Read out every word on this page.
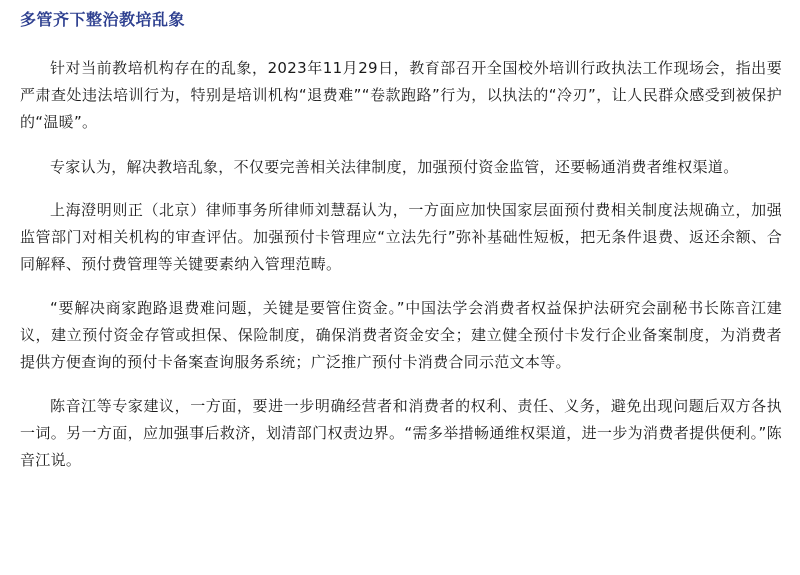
多管齐下整治教培乱象

针对当前教培机构存在的乱象，2023年11月29日，教育部召开全国校外培训行政执法工作现场会，指出要严肃查处违法培训行为，特别是培训机构“退费难”“卷款跑路”行为，以执法的“冷刃”，让人民群众感受到被保护的“温暖”。

专家认为，解决教培乱象，不仅要完善相关法律制度，加强预付资金监管，还要畅通消费者维权渠道。

上海澄明则正（北京）律师事务所律师刘慧磊认为，一方面应加快国家层面预付费相关制度法规确立，加强监管部门对相关机构的审查评估。加强预付卡管理应“立法先行”弥补基础性短板，把无条件退费、返还余额、合同解释、预付费管理等关键要素纳入管理范畴。

“要解决商家跑路退费难问题，关键是要管住资金。”中国法学会消费者权益保护法研究会副秘书长陈音江建议，建立预付资金存管或担保、保险制度，确保消费者资金安全；建立健全预付卡发行企业备案制度，为消费者提供方便查询的预付卡备案查询服务系统；广泛推广预付卡消费合同示范文本等。

陈音江等专家建议，一方面，要进一步明确经营者和消费者的权利、责任、义务，避免出现问题后双方各执一词。另一方面，应加强事后救济，划清部门权责边界。“需多举措畅通维权渠道，进一步为消费者提供便利。”陈音江说。
